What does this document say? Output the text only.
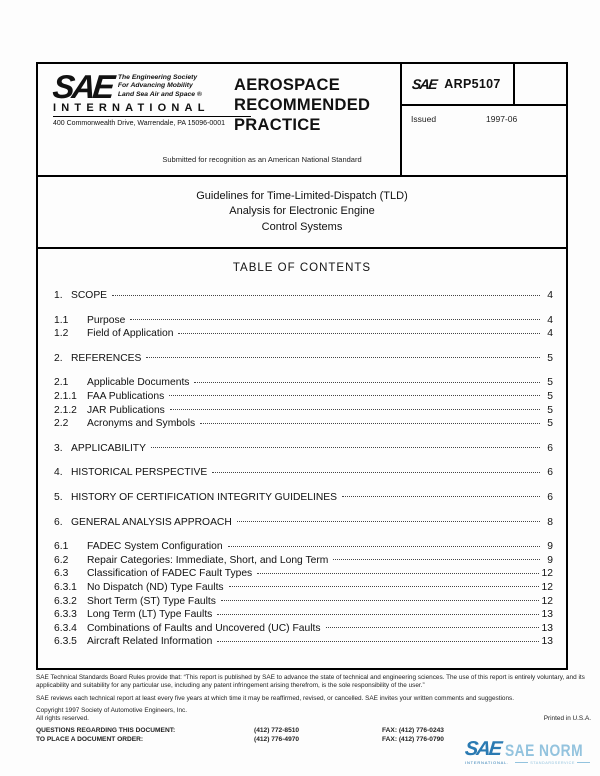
SAE The Engineering Society
For Advancing Mobility
Land Sea Air and Space ®
INTERNATIONAL
400 Commonwealth Drive, Warrendale, PA 15096-0001
AEROSPACE
RECOMMENDED
PRACTICE
Submitted for recognition as an American National Standard
SAE ARP5107
Issued	1997-06
Guidelines for Time-Limited-Dispatch (TLD)
Analysis for Electronic Engine
Control Systems
TABLE OF CONTENTS
1. SCOPE	4
1.1	Purpose	4
1.2	Field of Application	4
2. REFERENCES	5
2.1	Applicable Documents	5
2.1.1 FAA Publications	5
2.1.2 JAR Publications	5
2.2	Acronyms and Symbols	5
3. APPLICABILITY	6
4. HISTORICAL PERSPECTIVE	6
5. HISTORY OF CERTIFICATION INTEGRITY GUIDELINES	6
6. GENERAL ANALYSIS APPROACH	8
6.1	FADEC System Configuration	9
6.2	Repair Categories: Immediate, Short, and Long Term	9
6.3	Classification of FADEC Fault Types	12
6.3.1 No Dispatch (ND) Type Faults	12
6.3.2 Short Term (ST) Type Faults	12
6.3.3 Long Term (LT) Type Faults	13
6.3.4 Combinations of Faults and Uncovered (UC) Faults	13
6.3.5 Aircraft Related Information	13
SAE Technical Standards Board Rules provide that: “This report is published by SAE to advance the state of technical and engineering sciences. The use of this report is entirely voluntary, and its applicability and suitability for any particular use, including any patent infringement arising therefrom, is the sole responsibility of the user.”
SAE reviews each technical report at least every five years at which time it may be reaffirmed, revised, or cancelled. SAE invites your written comments and suggestions.
Copyright 1997 Society of Automotive Engineers, Inc.
All rights reserved.	Printed in U.S.A.
QUESTIONS REGARDING THIS DOCUMENT:	(412) 772-8510	FAX: (412) 776-0243
TO PLACE A DOCUMENT ORDER:	(412) 776-4970	FAX: (412) 776-0790 SAE SAE NORM
INTERNATIONAL.	STANDARDSERVICE
